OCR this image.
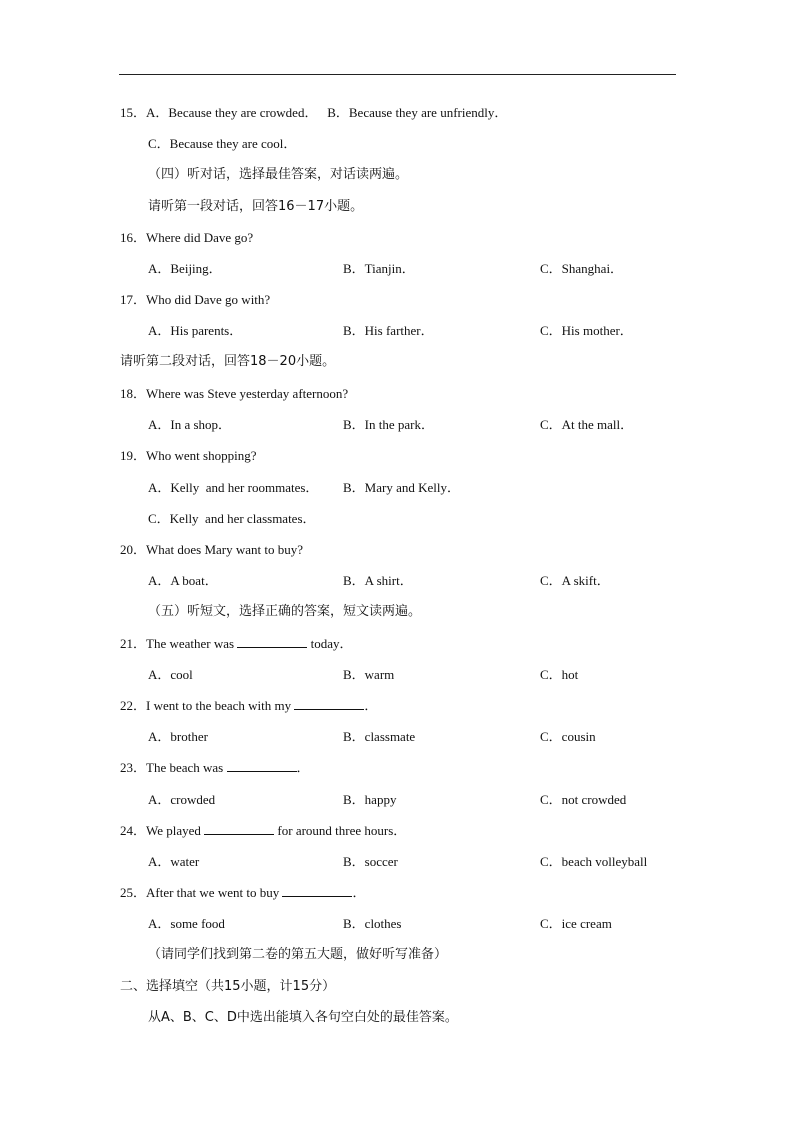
15．A．Because they are crowded．   B．Because they are unfriendly．
C．Because they are cool．
（四）听对话，选择最佳答案，对话读两遍。
请听第一段对话，回答16－17小题。
16．Where did Dave go?
A．Beijing．	B．Tianjin．	C．Shanghai．
17．Who did Dave go with?
A．His parents．	B．His farther．	C．His mother．
请听第二段对话，回答18－20小题。
18．Where was Steve yesterday afternoon?
A．In a shop．	B．In the park．	C．At the mall．
19．Who went shopping?
A．Kelly  and her roommates． B．Mary and Kelly．
C．Kelly  and her classmates．
20．What does Mary want to buy?
A．A boat．	B．A shirt．	C．A skift．
（五）听短文，选择正确的答案，短文读两遍。
21．The weather was	today．
A．cool	B．warm	C．hot
22．I went to the beach with my	．
A．brother	B．classmate	C．cousin
23．The beach was	．
A．crowded	B．happy	C．not crowded
24．We played	for around three hours．
A．water	B．soccer	C．beach volleyball
25．After that we went to buy	．
A．some food	B．clothes	C．ice cream
（请同学们找到第二卷的第五大题，做好听写准备）
二、选择填空（共15小题，计15分）
从A、B、C、D中选出能填入各句空白处的最佳答案。
